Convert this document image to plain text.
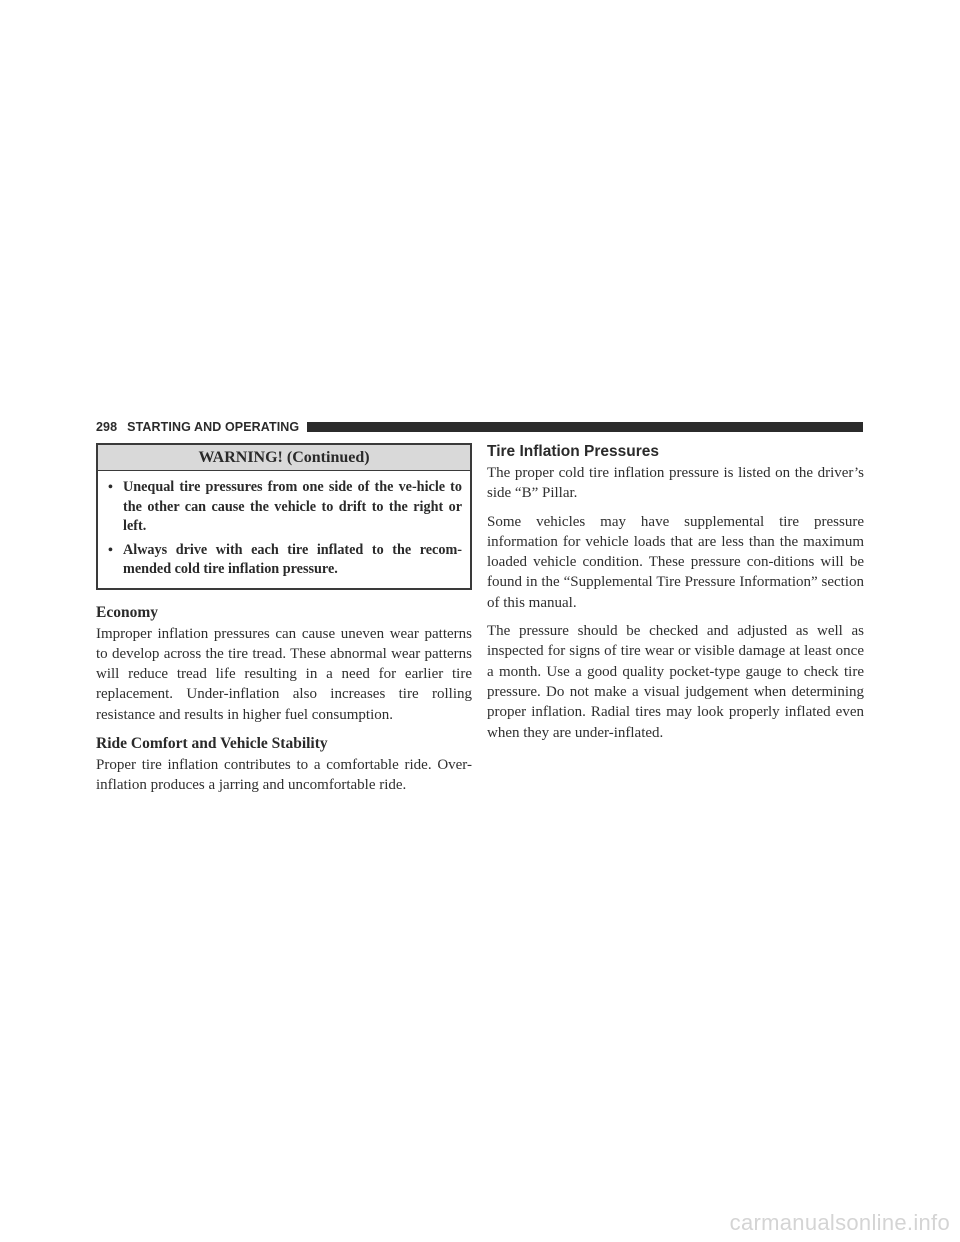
298 STARTING AND OPERATING
WARNING! (Continued)
• Unequal tire pressures from one side of the ve-hicle to the other can cause the vehicle to drift to the right or left.
• Always drive with each tire inflated to the recom-mended cold tire inflation pressure.
Economy

Improper inflation pressures can cause uneven wear patterns to develop across the tire tread. These abnormal wear patterns will reduce tread life resulting in a need for earlier tire replacement. Under-inflation also increases tire rolling resistance and results in higher fuel consumption.

Ride Comfort and Vehicle Stability

Proper tire inflation contributes to a comfortable ride. Over-inflation produces a jarring and uncomfortable ride.

Tire Inflation Pressures

The proper cold tire inflation pressure is listed on the driver’s side “B” Pillar.

Some vehicles may have supplemental tire pressure information for vehicle loads that are less than the maximum loaded vehicle condition. These pressure con-ditions will be found in the “Supplemental Tire Pressure Information” section of this manual.

The pressure should be checked and adjusted as well as inspected for signs of tire wear or visible damage at least once a month. Use a good quality pocket-type gauge to check tire pressure. Do not make a visual judgement when determining proper inflation. Radial tires may look properly inflated even when they are under-inflated.

carmanualsonline.info
